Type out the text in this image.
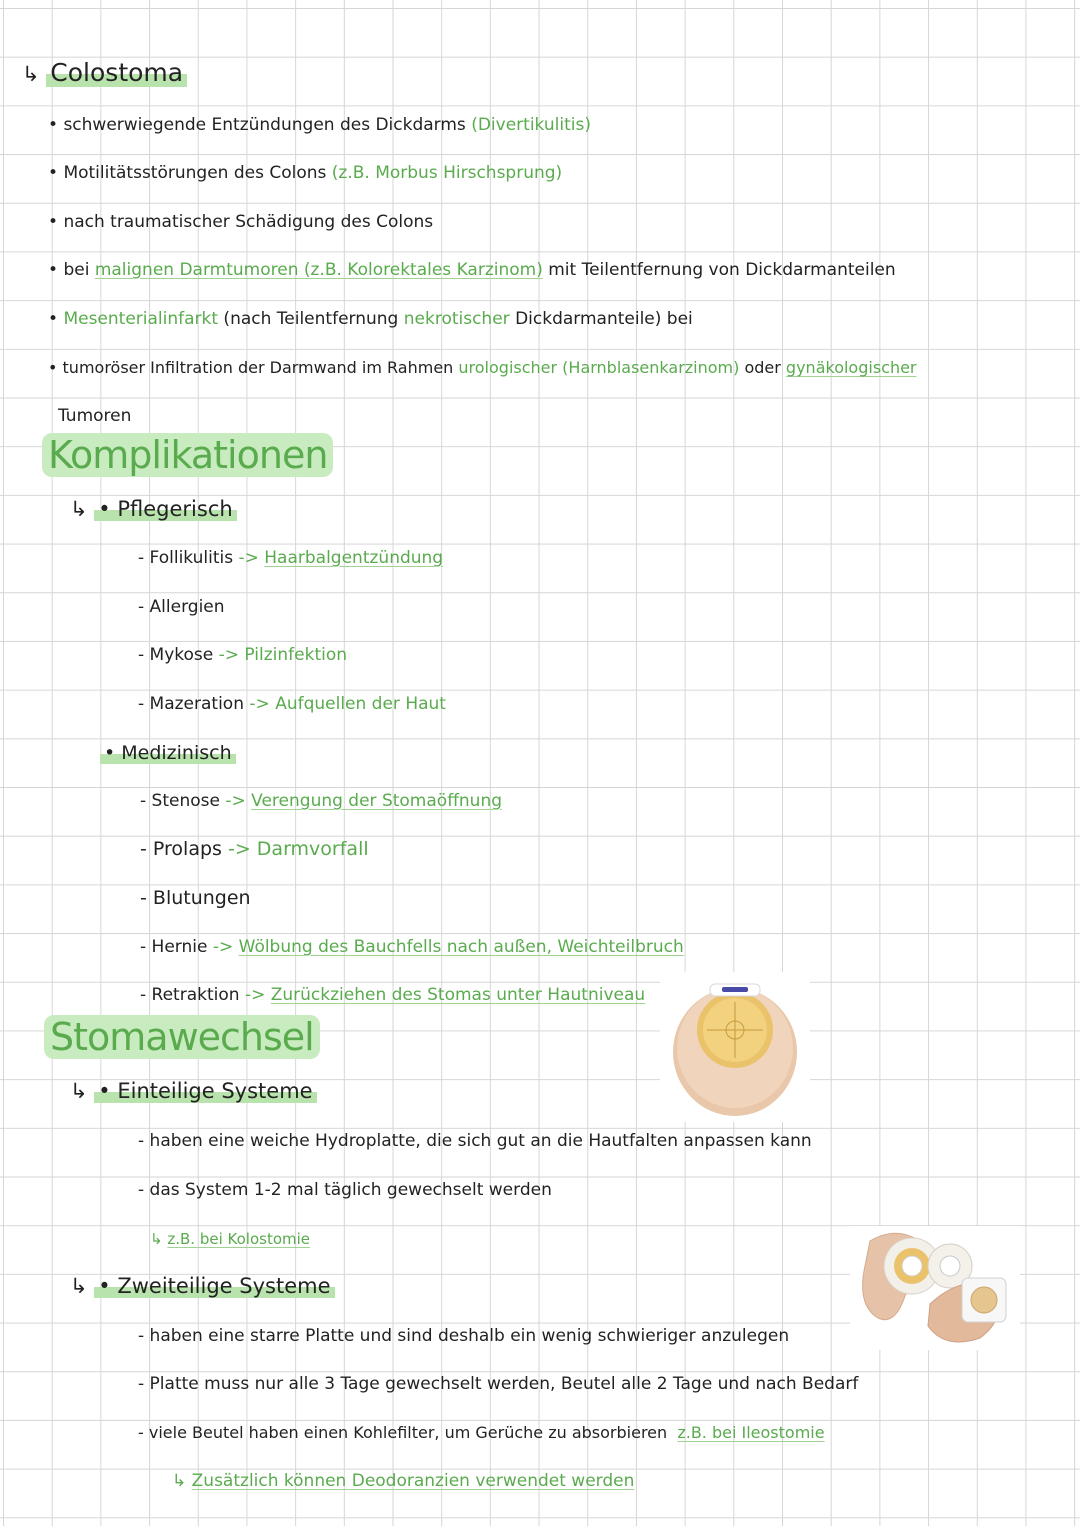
↳ Colostoma
• schwerwiegende Entzündungen des Dickdarms (Divertikulitis)
• Motilitätsstörungen des Colons (z.B. Morbus Hirschsprung)
• nach traumatischer Schädigung des Colons
• bei malignen Darmtumoren (z.B. Kolorektales Karzinom) mit Teilentfernung von Dickdarmanteilen
• Mesenterialinfarkt (nach Teilentfernung nekrotischer Dickdarmanteile) bei
• tumoröser Infiltration der Darmwand im Rahmen urologischer (Harnblasenkarzinom) oder gynäkologischer
Tumoren
Komplikationen
↳ • Pflegerisch
- Follikulitis -> Haarbalgentzündung
- Allergien
- Mykose -> Pilzinfektion
- Mazeration -> Aufquellen der Haut
• Medizinisch
- Stenose -> Verengung der Stomaöffnung
- Prolaps -> Darmvorfall
- Blutungen
- Hernie -> Wölbung des Bauchfells nach außen, Weichteilbruch
- Retraktion -> Zurückziehen des Stomas unter Hautniveau
Stomawechsel
↳ • Einteilige Systeme
- haben eine weiche Hydroplatte, die sich gut an die Hautfalten anpassen kann
- das System 1-2 mal täglich gewechselt werden
↳ z.B. bei Kolostomie
↳ • Zweiteilige Systeme
- haben eine starre Platte und sind deshalb ein wenig schwieriger anzulegen
- Platte muss nur alle 3 Tage gewechselt werden, Beutel alle 2 Tage und nach Bedarf
- viele Beutel haben einen Kohlefilter, um Gerüche zu absorbieren z.B. bei Ileostomie
↳ Zusätzlich können Deodoranzien verwendet werden
